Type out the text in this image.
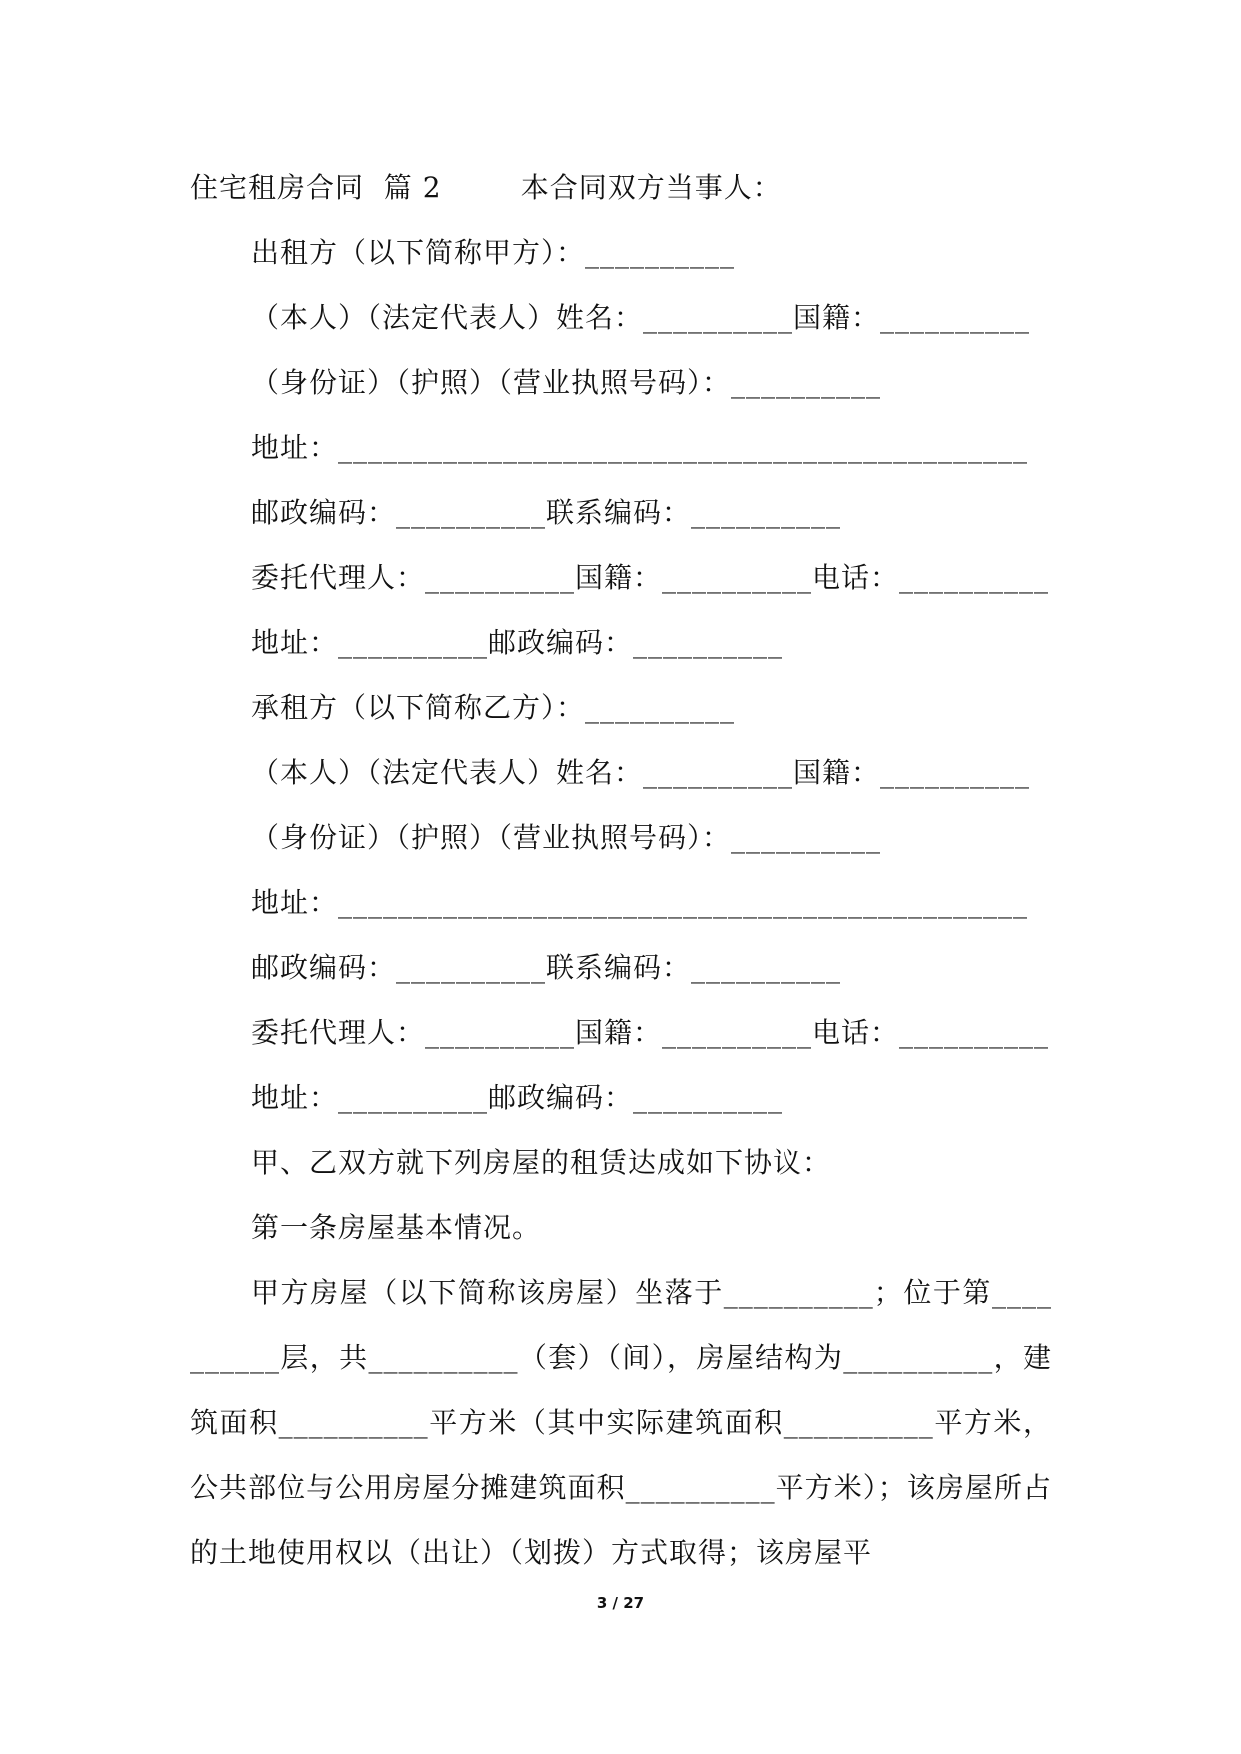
住宅租房合同  篇 2        本合同双方当事人：
出租方（以下简称甲方）：__________
（本人）（法定代表人）姓名：__________国籍：__________
（身份证）（护照）（营业执照号码）：__________
地址：______________________________________________
邮政编码：__________联系编码：__________
委托代理人：__________国籍：__________电话：__________
地址：__________邮政编码：__________
承租方（以下简称乙方）：__________
（本人）（法定代表人）姓名：__________国籍：__________
（身份证）（护照）（营业执照号码）：__________
地址：______________________________________________
邮政编码：__________联系编码：__________
委托代理人：__________国籍：__________电话：__________
地址：__________邮政编码：__________
甲、乙双方就下列房屋的租赁达成如下协议：
第一条房屋基本情况。
甲方房屋（以下简称该房屋）坐落于__________；位于第__________层，共__________（套）（间），房屋结构为__________，建筑面积__________平方米（其中实际建筑面积__________平方米，公共部位与公用房屋分摊建筑面积__________平方米）；该房屋所占的土地使用权以（出让）（划拨）方式取得；该房屋平
3 / 27
